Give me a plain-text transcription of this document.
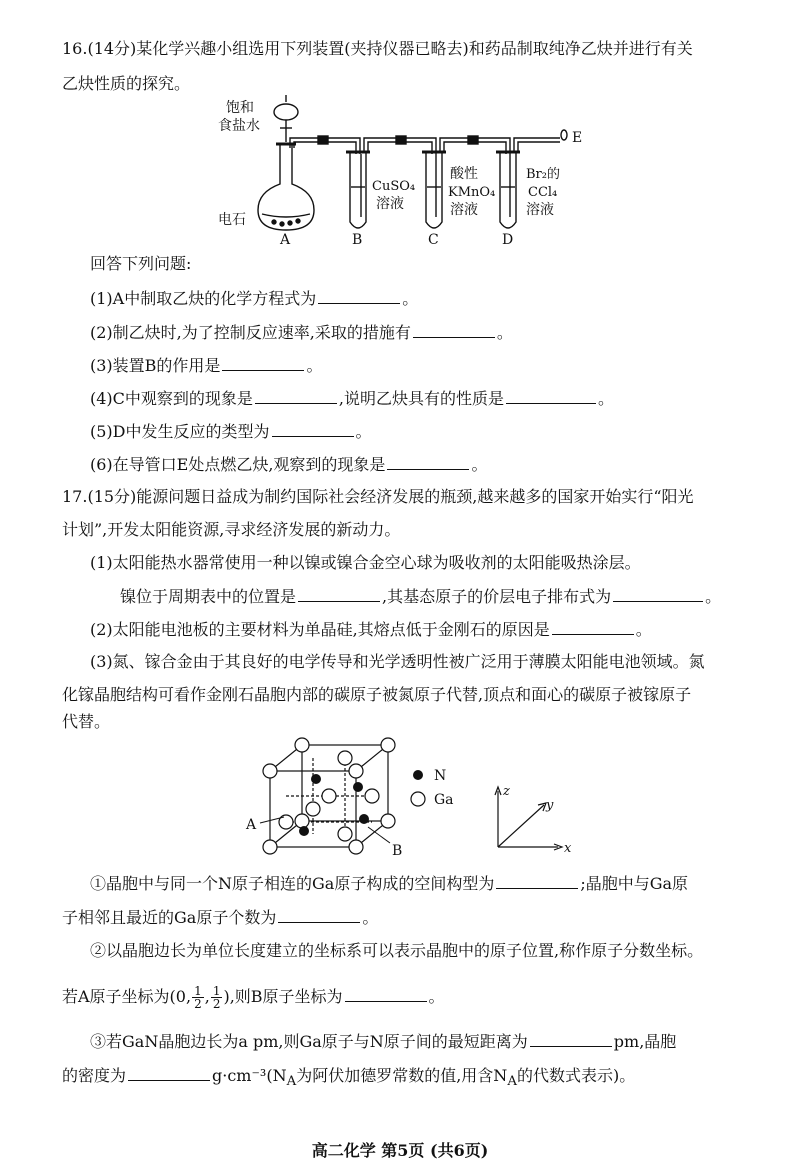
16.(14分)某化学兴趣小组选用下列装置(夹持仪器已略去)和药品制取纯净乙炔并进行有关
乙炔性质的探究。
饱和
食盐水
电石
A	B	C	D
E
CuSO₄
溶液
酸性
KMnO₄
溶液
Br₂的
CCl₄
溶液
回答下列问题:
(1)A中制取乙炔的化学方程式为	。
(2)制乙炔时,为了控制反应速率,采取的措施有	。
(3)装置B的作用是	。
(4)C中观察到的现象是	,说明乙炔具有的性质是	。
(5)D中发生反应的类型为	。
(6)在导管口E处点燃乙炔,观察到的现象是	。
17.(15分)能源问题日益成为制约国际社会经济发展的瓶颈,越来越多的国家开始实行“阳光
计划”,开发太阳能资源,寻求经济发展的新动力。
(1)太阳能热水器常使用一种以镍或镍合金空心球为吸收剂的太阳能吸热涂层。
镍位于周期表中的位置是	,其基态原子的价层电子排布式为	。
(2)太阳能电池板的主要材料为单晶硅,其熔点低于金刚石的原因是	。
(3)氮、镓合金由于其良好的电学传导和光学透明性被广泛用于薄膜太阳能电池领域。氮
化镓晶胞结构可看作金刚石晶胞内部的碳原子被氮原子代替,顶点和面心的碳原子被镓原子
代替。
A
B
N
Ga
z
y
x
①晶胞中与同一个N原子相连的Ga原子构成的空间构型为	;晶胞中与Ga原
子相邻且最近的Ga原子个数为	。
②以晶胞边长为单位长度建立的坐标系可以表示晶胞中的原子位置,称作原子分数坐标。
若A原子坐标为(0, $\frac{1}{2}$ , $\frac{1}{2}$ ),则B原子坐标为	。
③若GaN晶胞边长为a pm,则Ga原子与N原子间的最短距离为	pm,晶胞
的密度为	$g\cdot cm^{-3}(N_A$为阿伏加德罗常数的值,用含$N_A$的代数式表示)。
高二化学 第5页 (共6页)
